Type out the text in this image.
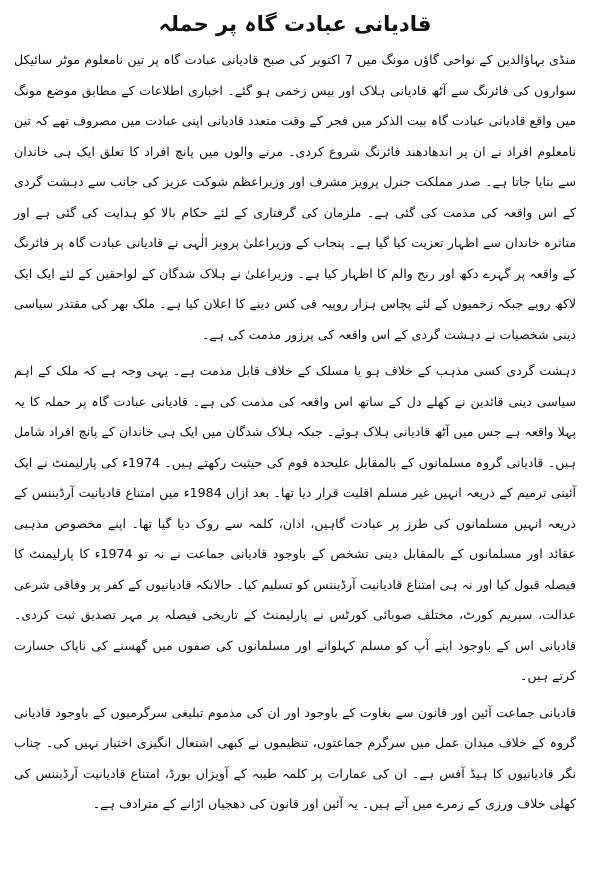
قادیانی عبادت گاہ پر حملہ

منڈی بہاؤالدین کے نواحی گاؤں مونگ میں 7 اکتوبر کی صبح قادیانی عبادت گاہ پر تین نامعلوم موٹر سائیکل سواروں کی فائرنگ سے آٹھ قادیانی ہلاک اور بیس زخمی ہو گئے۔ اخباری اطلاعات کے مطابق موضع مونگ میں واقع قادیانی عبادت گاہ بیت الذکر میں فجر کے وقت متعدد قادیانی اپنی عبادت میں مصروف تھے کہ تین نامعلوم افراد نے ان پر اندھادھند فائرنگ شروع کردی۔ مرنے والوں میں پانچ افراد کا تعلق ایک ہی خاندان سے بتایا جاتا ہے۔ صدر مملکت جنرل پرویز مشرف اور وزیراعظم شوکت عزیز کی جانب سے دہشت گردی کے اس واقعہ کی مذمت کی گئی ہے۔ ملزمان کی گرفتاری کے لئے حکام بالا کو ہدایت کی گئی ہے اور متاثرہ خاندان سے اظہار تعزیت کیا گیا ہے۔ پنجاب کے وزیراعلیٰ پرویز الٰہی نے قادیانی عبادت گاہ پر فائرنگ کے واقعہ پر گہرے دکھ اور رنج والم کا اظہار کیا ہے۔ وزیراعلیٰ نے ہلاک شدگان کے لواحقین کے لئے ایک ایک لاکھ روپے جبکہ زخمیوں کے لئے پچاس ہزار روپیہ فی کس دینے کا اعلان کیا ہے۔ ملک بھر کی مقتدر سیاسی دینی شخصیات نے دہشت گردی کے اس واقعہ کی پرزور مذمت کی ہے۔

دہشت گردی کسی مذہب کے خلاف ہو یا مسلک کے خلاف قابل مذمت ہے۔ یہی وجہ ہے کہ ملک کے اہم سیاسی دینی قائدین نے کھلے دل کے ساتھ اس واقعہ کی مذمت کی ہے۔ قادیانی عبادت گاہ پر حملہ کا یہ پہلا واقعہ ہے جس میں آٹھ قادیانی ہلاک ہوئے۔ جبکہ ہلاک شدگان میں ایک ہی خاندان کے پانچ افراد شامل ہیں۔ قادیانی گروہ مسلمانوں کے بالمقابل علیحدہ قوم کی حیثیت رکھتے ہیں۔ 1974ء کی پارلیمنٹ نے ایک آئینی ترمیم کے ذریعہ انہیں غیر مسلم اقلیت قرار دیا تھا۔ بعد ازاں 1984ء میں امتناع قادیانیت آرڈیننس کے ذریعہ انہیں مسلمانوں کی طرز پر عبادت گاہیں، اذان، کلمہ سے روک دیا گیا تھا۔ اپنے مخصوص مذہبی عقائد اور مسلمانوں کے بالمقابل دینی تشخص کے باوجود قادیانی جماعت نے نہ تو 1974ء کا پارلیمنٹ کا فیصلہ قبول کیا اور نہ ہی امتناع قادیانیت آرڈیننس کو تسلیم کیا۔ حالانکہ قادیانیوں کے کفر پر وفاقی شرعی عدالت، سپریم کورٹ، مختلف صوبائی کورٹس نے پارلیمنٹ کے تاریخی فیصلہ پر مہر تصدیق ثبت کردی۔ قادیانی اس کے باوجود اپنے آپ کو مسلم کہلوانے اور مسلمانوں کی صفوں میں گھسنے کی ناپاک جسارت کرتے ہیں۔

قادیانی جماعت آئین اور قانون سے بغاوت کے باوجود اور ان کی مذموم تبلیغی سرگرمیوں کے باوجود قادیانی گروہ کے خلاف میدان عمل میں سرگرم جماعتوں، تنظیموں نے کبھی اشتعال انگیزی اختیار نہیں کی۔ چناب نگر قادیانیوں کا ہیڈ آفس ہے۔ ان کی عمارات پر کلمہ طیبہ کے آویزاں بورڈ، امتناع قادیانیت آرڈیننس کی کھلی خلاف ورزی کے زمرے میں آتے ہیں۔ یہ آئین اور قانون کی دھجیاں اڑانے کے مترادف ہے۔
